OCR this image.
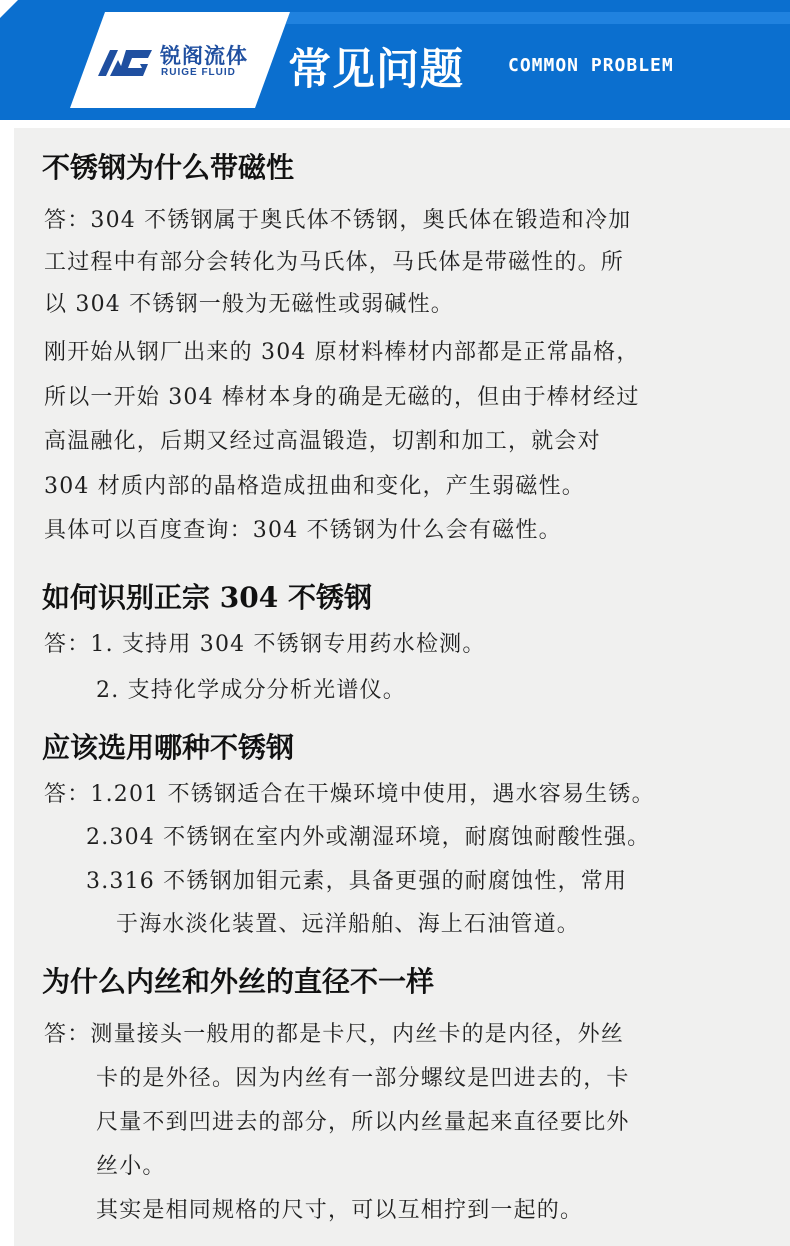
锐阁流体
RUIGE FLUID 常见问题 COMMON PROBLEM
不锈钢为什么带磁性
答：304 不锈钢属于奥氏体不锈钢，奥氏体在锻造和冷加
工过程中有部分会转化为马氏体，马氏体是带磁性的。所
以 304 不锈钢一般为无磁性或弱碱性。
刚开始从钢厂出来的 304 原材料棒材内部都是正常晶格，
所以一开始 304 棒材本身的确是无磁的，但由于棒材经过
高温融化，后期又经过高温锻造，切割和加工，就会对
304 材质内部的晶格造成扭曲和变化，产生弱磁性。
具体可以百度查询：304 不锈钢为什么会有磁性。
如何识别正宗 304 不锈钢
答：1. 支持用 304 不锈钢专用药水检测。
2. 支持化学成分分析光谱仪。
应该选用哪种不锈钢
答：1.201 不锈钢适合在干燥环境中使用，遇水容易生锈。
2.304 不锈钢在室内外或潮湿环境，耐腐蚀耐酸性强。
3.316 不锈钢加钼元素，具备更强的耐腐蚀性，常用
于海水淡化装置、远洋船舶、海上石油管道。
为什么内丝和外丝的直径不一样
答：测量接头一般用的都是卡尺，内丝卡的是内径，外丝
卡的是外径。因为内丝有一部分螺纹是凹进去的，卡
尺量不到凹进去的部分，所以内丝量起来直径要比外
丝小。
其实是相同规格的尺寸，可以互相拧到一起的。
